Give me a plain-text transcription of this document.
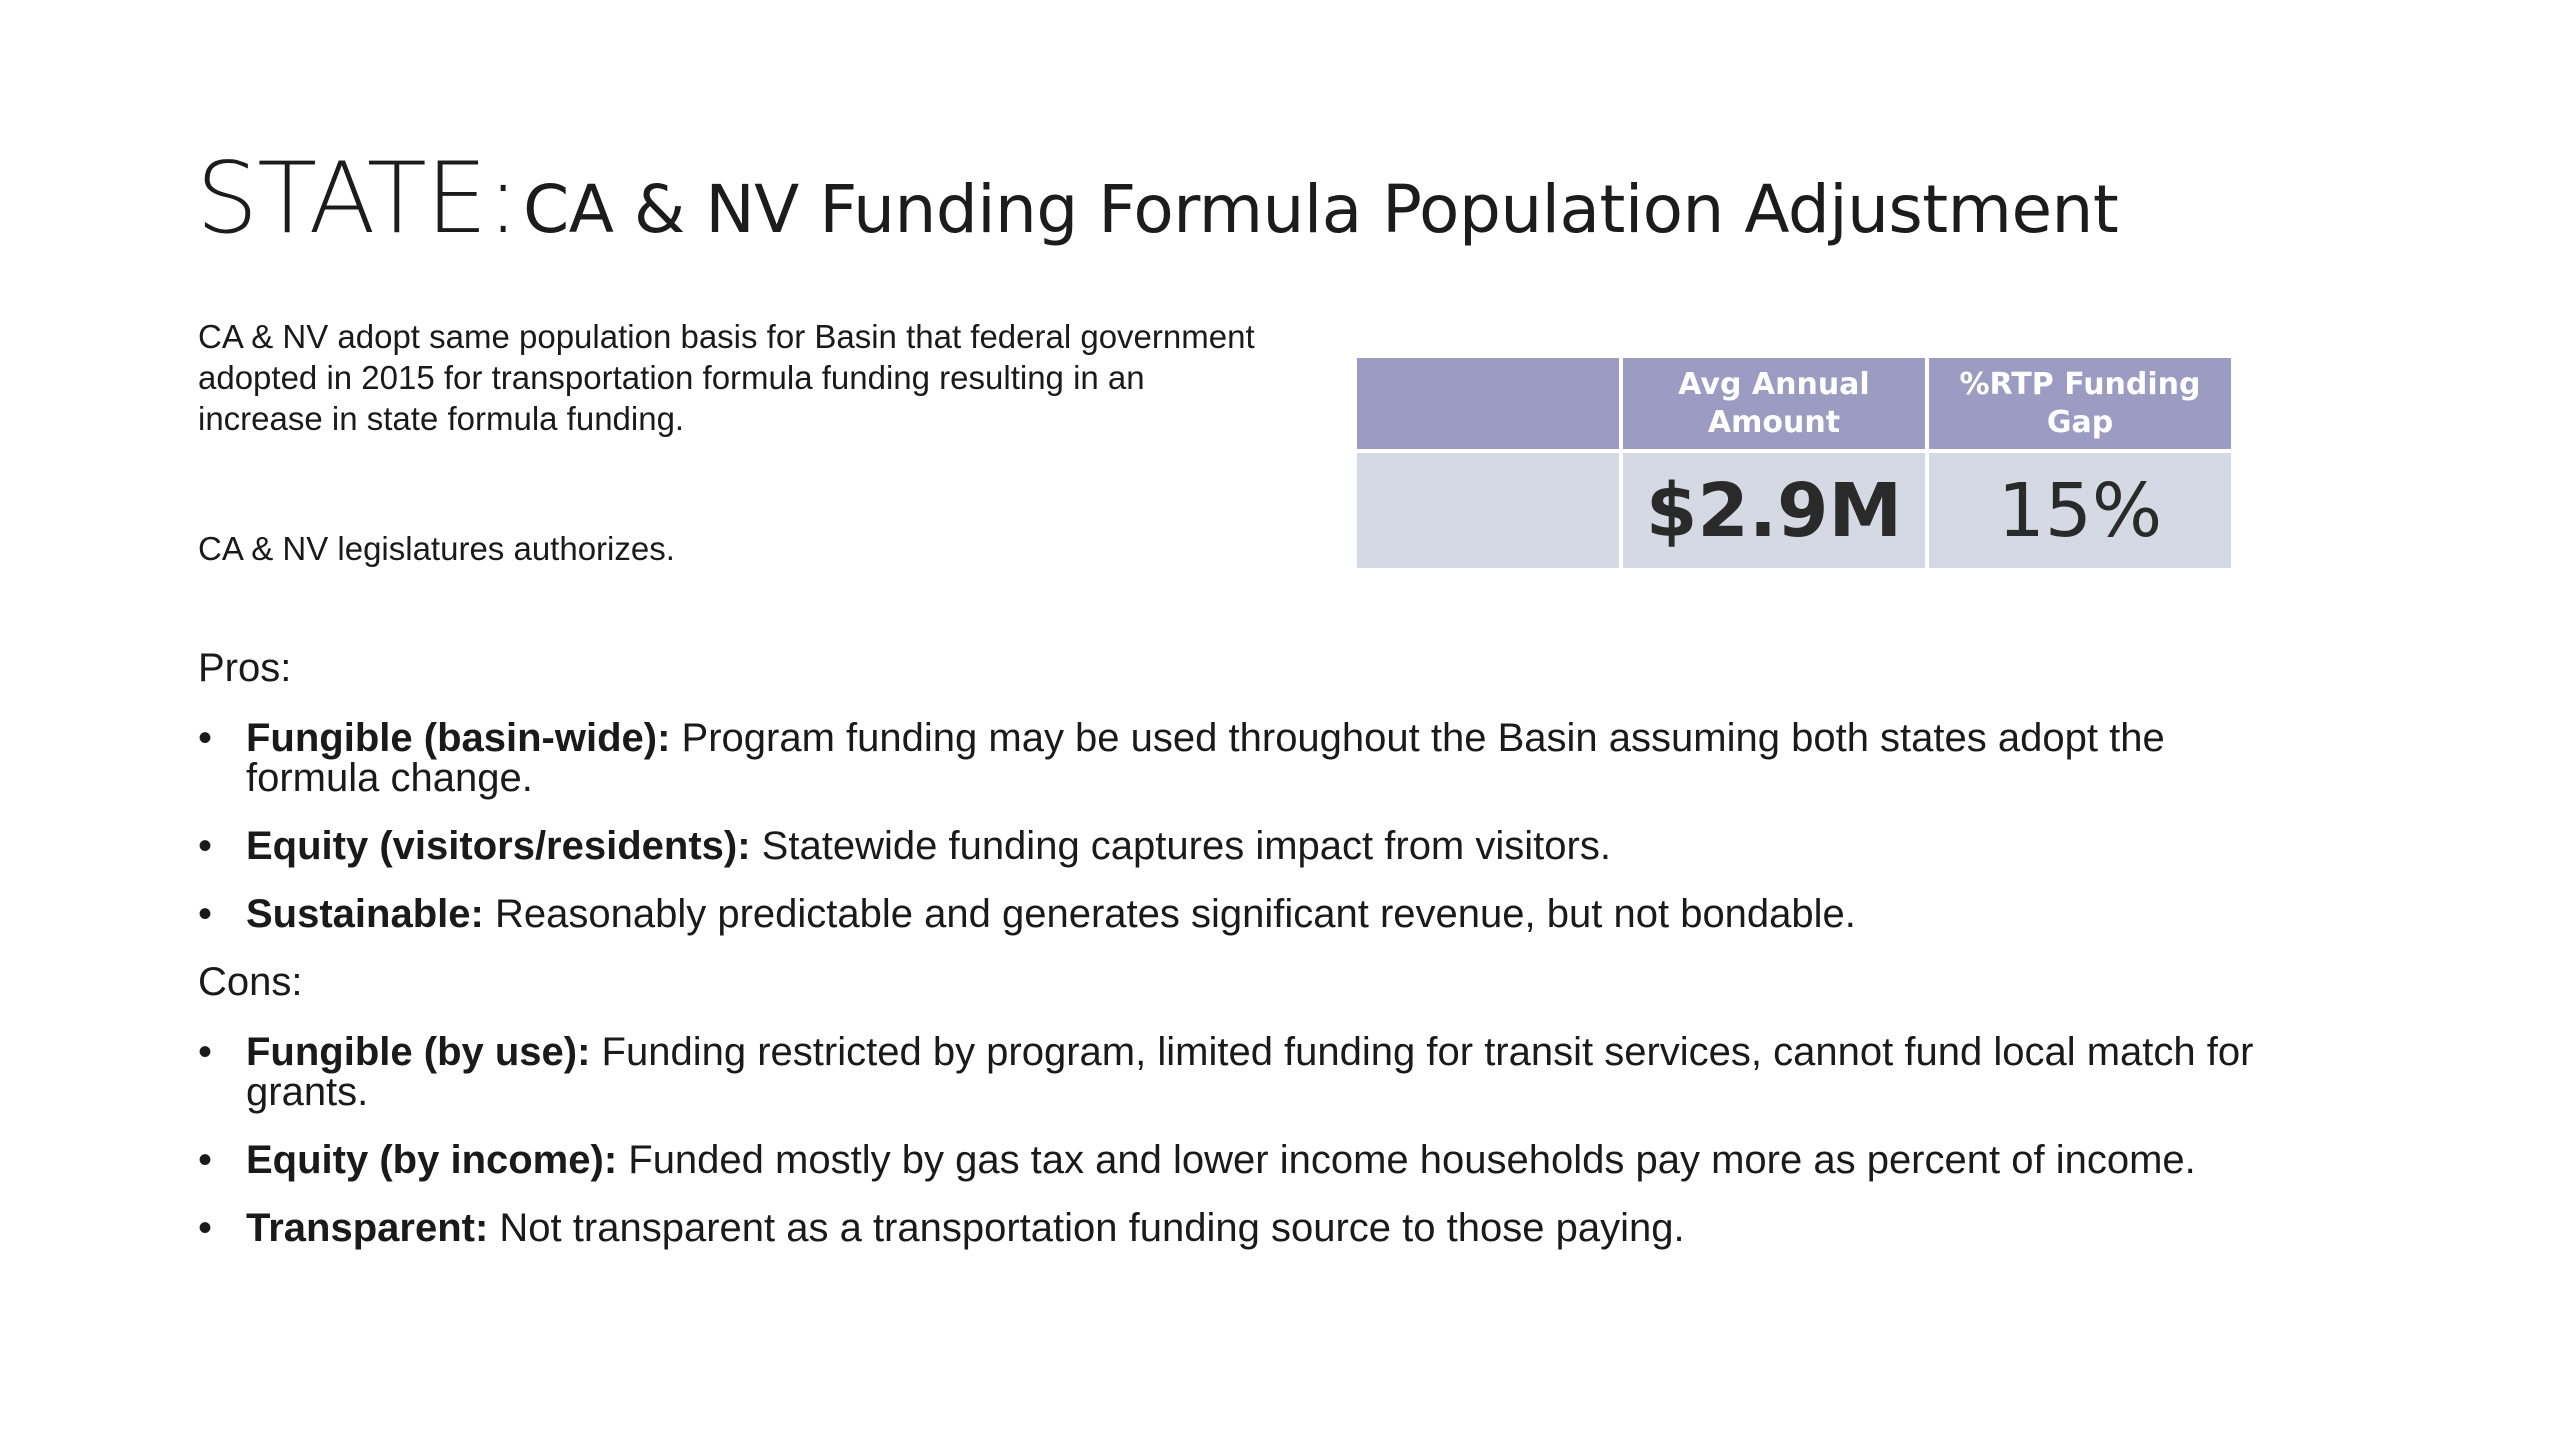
STATE: CA & NV Funding Formula Population Adjustment

CA & NV adopt same population basis for Basin that federal government adopted in 2015 for transportation formula funding resulting in an increase in state formula funding.

CA & NV legislatures authorizes.

	Avg Annual Amount	%RTP Funding Gap
	$2.9M	15%
Pros:
• Fungible (basin-wide): Program funding may be used throughout the Basin assuming both states adopt the formula change.
• Equity (visitors/residents): Statewide funding captures impact from visitors.
• Sustainable: Reasonably predictable and generates significant revenue, but not bondable.
Cons:
• Fungible (by use): Funding restricted by program, limited funding for transit services, cannot fund local match for grants.
• Equity (by income): Funded mostly by gas tax and lower income households pay more as percent of income.
• Transparent: Not transparent as a transportation funding source to those paying.
